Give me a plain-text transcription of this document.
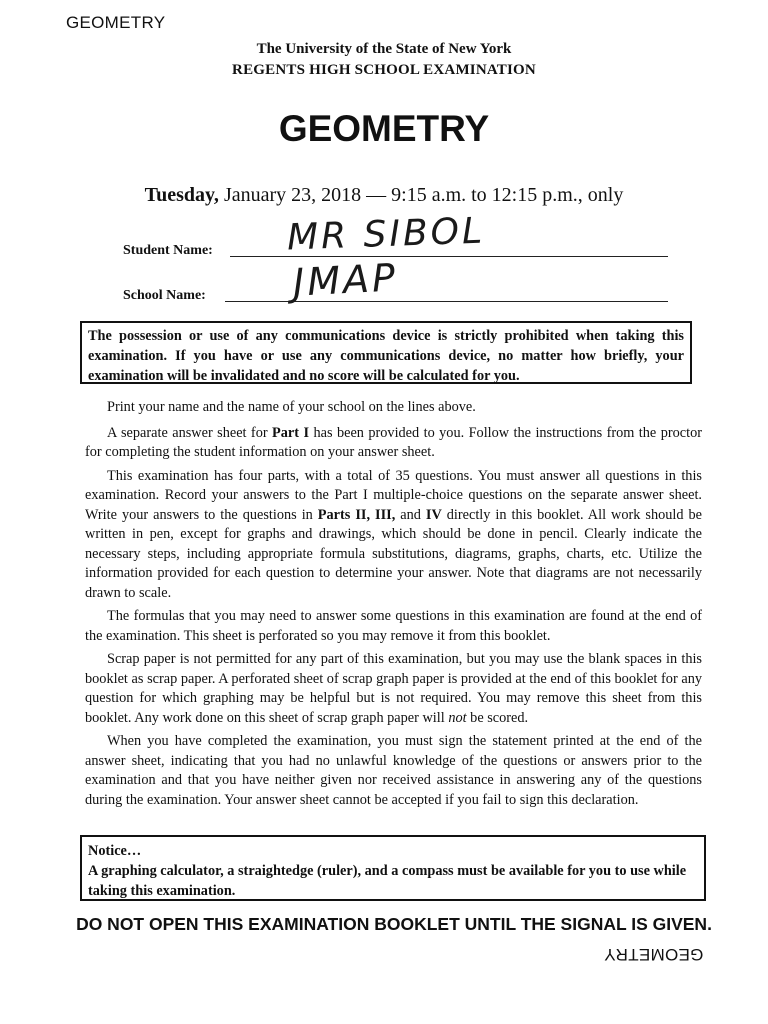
GEOMETRY
The University of the State of New York
REGENTS HIGH SCHOOL EXAMINATION
GEOMETRY
Tuesday, January 23, 2018 — 9:15 a.m. to 12:15 p.m., only
Student Name: MR SIBOL
School Name: JMAP
The possession or use of any communications device is strictly prohibited when taking this examination. If you have or use any communications device, no matter how briefly, your examination will be invalidated and no score will be calculated for you.

Print your name and the name of your school on the lines above.

A separate answer sheet for Part I has been provided to you. Follow the instructions from the proctor for completing the student information on your answer sheet.

This examination has four parts, with a total of 35 questions. You must answer all questions in this examination. Record your answers to the Part I multiple-choice questions on the separate answer sheet. Write your answers to the questions in Parts II, III, and IV directly in this booklet. All work should be written in pen, except for graphs and drawings, which should be done in pencil. Clearly indicate the necessary steps, including appropriate formula substitutions, diagrams, graphs, charts, etc. Utilize the information provided for each question to determine your answer. Note that diagrams are not necessarily drawn to scale.

The formulas that you may need to answer some questions in this examination are found at the end of the examination. This sheet is perforated so you may remove it from this booklet.

Scrap paper is not permitted for any part of this examination, but you may use the blank spaces in this booklet as scrap paper. A perforated sheet of scrap graph paper is provided at the end of this booklet for any question for which graphing may be helpful but is not required. You may remove this sheet from this booklet. Any work done on this sheet of scrap graph paper will not be scored.

When you have completed the examination, you must sign the statement printed at the end of the answer sheet, indicating that you had no unlawful knowledge of the questions or answers prior to the examination and that you have neither given nor received assistance in answering any of the questions during the examination. Your answer sheet cannot be accepted if you fail to sign this declaration.

Notice…
A graphing calculator, a straightedge (ruler), and a compass must be available for you to use while taking this examination.
DO NOT OPEN THIS EXAMINATION BOOKLET UNTIL THE SIGNAL IS GIVEN.
GEOMETRY
